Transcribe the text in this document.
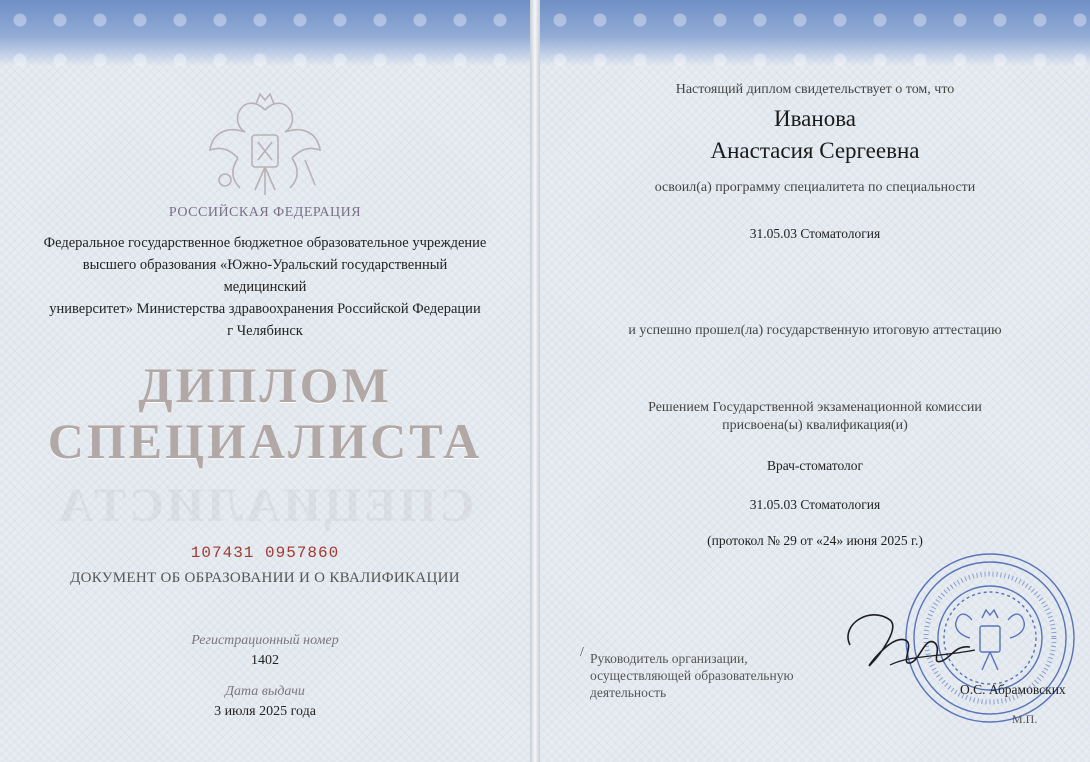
РОССИЙСКАЯ ФЕДЕРАЦИЯ
Федеральное государственное бюджетное образовательное учреждение
высшего образования «Южно-Уральский государственный медицинский
университет» Министерства здравоохранения Российской Федерации
г Челябинск
ДИПЛОМ
СПЕЦИАЛИСТА
СПЕЦИАЛИСТА
107431 0957860
ДОКУМЕНТ ОБ ОБРАЗОВАНИИ И О КВАЛИФИКАЦИИ
Регистрационный номер
1402
Дата выдачи
3 июля 2025 года
Настоящий диплом свидетельствует о том, что
Иванова
Анастасия Сергеевна
освоил(а) программу специалитета по специальности
31.05.03 Стоматология
и успешно прошел(ла) государственную итоговую аттестацию
Решением Государственной экзаменационной комиссии
присвоена(ы) квалификация(и)
Врач-стоматолог
31.05.03 Стоматология
(протокол № 29 от «24» июня 2025 г.)
/ Руководитель организации,
осуществляющей образовательную
деятельность	О.С. Абрамовских
М.П.
